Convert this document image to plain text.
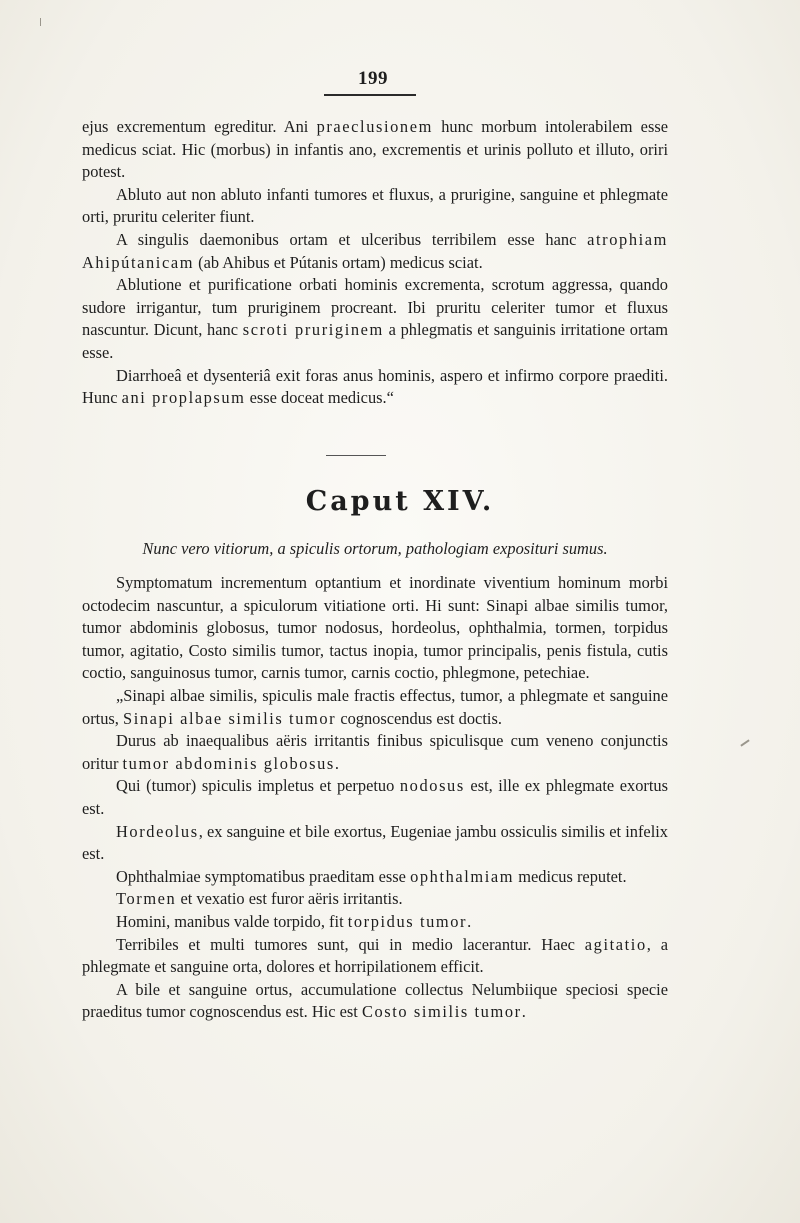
199

ejus excrementum egreditur. Ani praeclusionem hunc morbum intolerabilem esse medicus sciat. Hic (morbus) in infantis ano, excrementis et urinis polluto et illuto, oriri potest.

Abluto aut non abluto infanti tumores et fluxus, a prurigine, sanguine et phlegmate orti, pruritu celeriter fiunt.

A singulis daemonibus ortam et ulceribus terribilem esse hanc atrophiam Ahipútanicam (ab Ahibus et Pútanis ortam) medicus sciat.

Ablutione et purificatione orbati hominis excrementa, scrotum aggressa, quando sudore irrigantur, tum pruriginem procreant. Ibi pruritu celeriter tumor et fluxus nascuntur. Dicunt, hanc scroti pruriginem a phlegmatis et sanguinis irritatione ortam esse.

Diarrhoeâ et dysenteriâ exit foras anus hominis, aspero et infirmo corpore praediti. Hunc ani proplapsum esse doceat medicus.“

Caput XIV.
Nunc vero vitiorum, a spiculis ortorum, pathologiam exposituri sumus.

Symptomatum incrementum optantium et inordinate viventium hominum morbi octodecim nascuntur, a spiculorum vitiatione orti. Hi sunt: Sinapi albae similis tumor, tumor abdominis globosus, tumor nodosus, hordeolus, ophthalmia, tormen, torpidus tumor, agitatio, Costo similis tumor, tactus inopia, tumor principalis, penis fistula, cutis coctio, sanguinosus tumor, carnis tumor, carnis coctio, phlegmone, petechiae.

„Sinapi albae similis, spiculis male fractis effectus, tumor, a phlegmate et sanguine ortus, Sinapi albae similis tumor cognoscendus est doctis.

Durus ab inaequalibus aëris irritantis finibus spiculisque cum veneno conjunctis oritur tumor abdominis globosus.

Qui (tumor) spiculis impletus et perpetuo nodosus est, ille ex phlegmate exortus est.

Hordeolus, ex sanguine et bile exortus, Eugeniae jambu ossiculis similis et infelix est.

Ophthalmiae symptomatibus praeditam esse ophthalmiam medicus reputet.

Tormen et vexatio est furor aëris irritantis.

Homini, manibus valde torpido, fit torpidus tumor.

Terribiles et multi tumores sunt, qui in medio lacerantur. Haec agitatio, a phlegmate et sanguine orta, dolores et horripilationem efficit.

A bile et sanguine ortus, accumulatione collectus Nelumbiique speciosi specie praeditus tumor cognoscendus est. Hic est Costo similis tumor.
